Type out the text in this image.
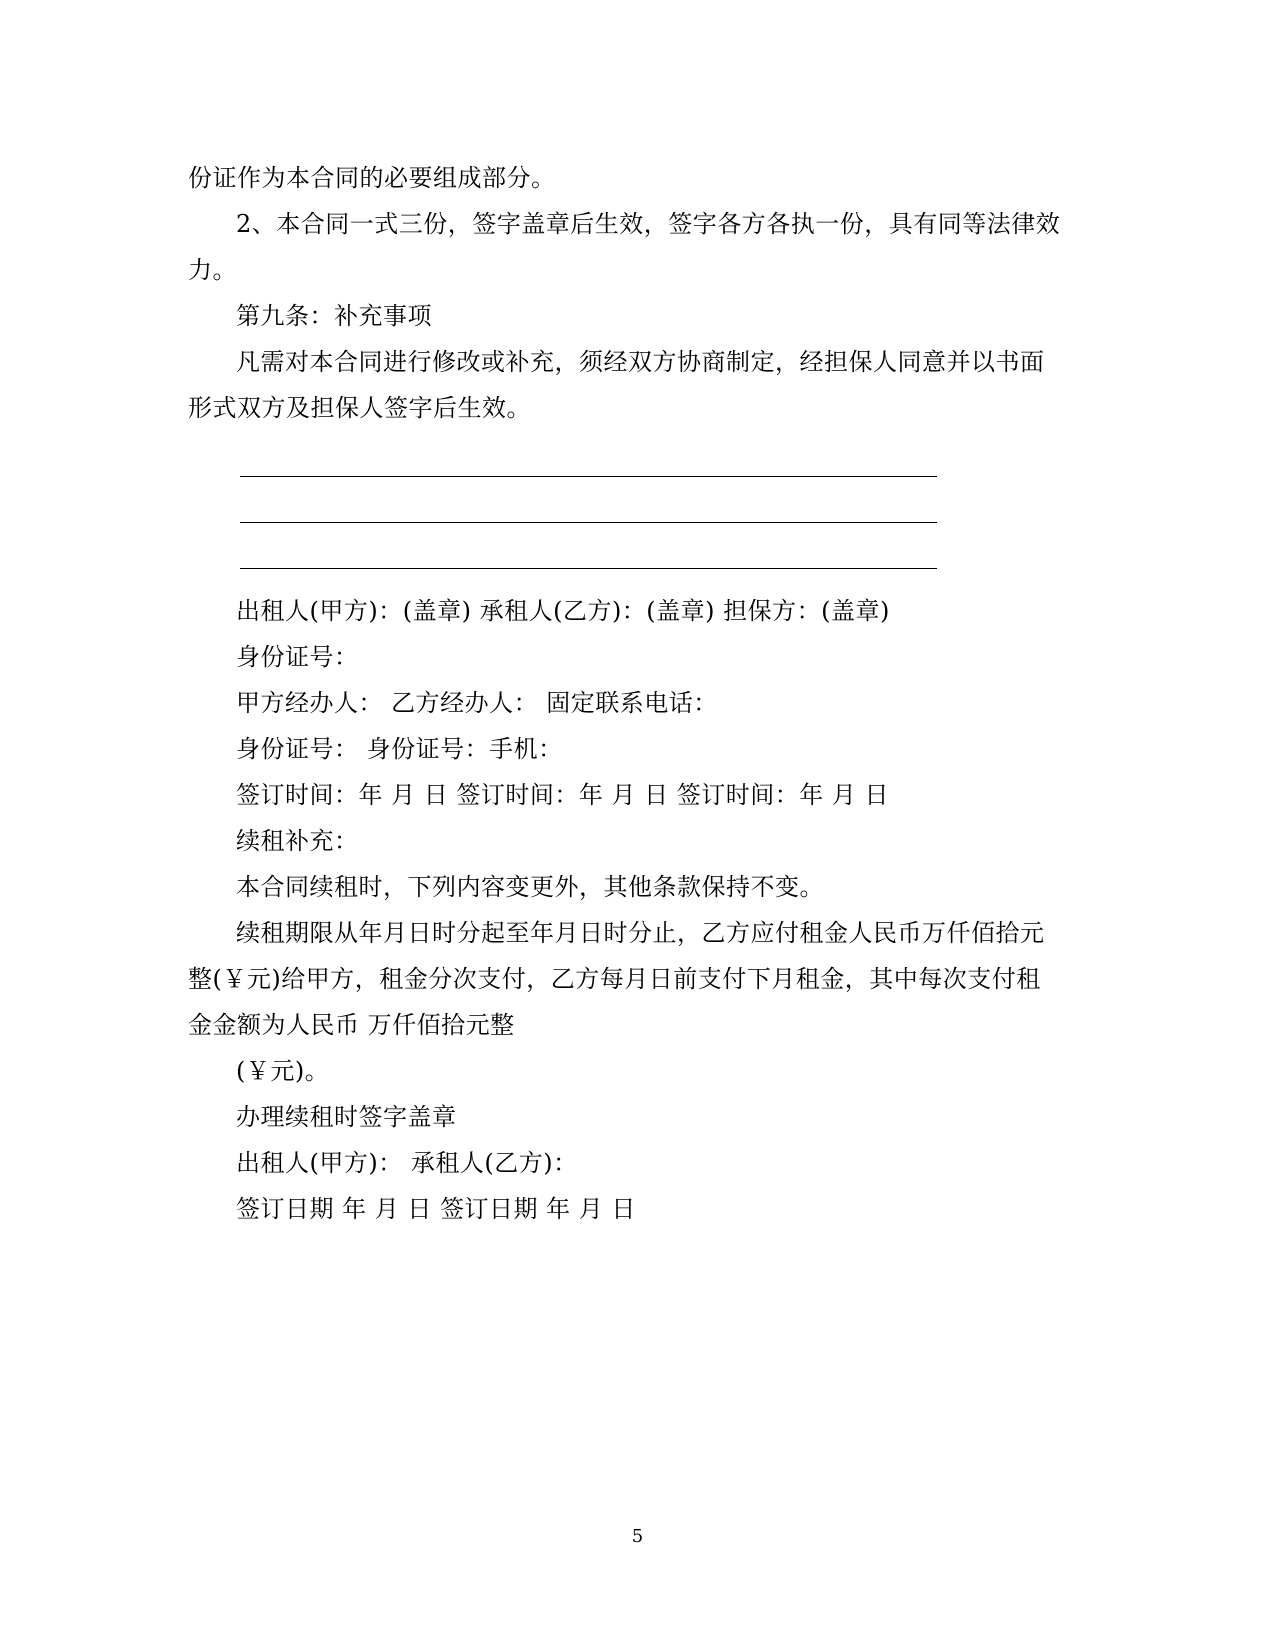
份证作为本合同的必要组成部分。
2、本合同一式三份，签字盖章后生效，签字各方各执一份，具有同等法律效
力。
第九条：补充事项
凡需对本合同进行修改或补充，须经双方协商制定，经担保人同意并以书面
形式双方及担保人签字后生效。
出租人(甲方)：(盖章) 承租人(乙方)：(盖章) 担保方：(盖章)
身份证号：
甲方经办人： 乙方经办人： 固定联系电话：
身份证号： 身份证号：手机：
签订时间：年 月 日 签订时间：年 月 日 签订时间：年 月 日
续租补充：
本合同续租时，下列内容变更外，其他条款保持不变。
续租期限从年月日时分起至年月日时分止，乙方应付租金人民币万仟佰拾元
整(￥元)给甲方，租金分次支付，乙方每月日前支付下月租金，其中每次支付租
金金额为人民币 万仟佰拾元整
(￥元)。
办理续租时签字盖章
出租人(甲方)： 承租人(乙方)：
签订日期 年 月 日 签订日期 年 月 日
5
